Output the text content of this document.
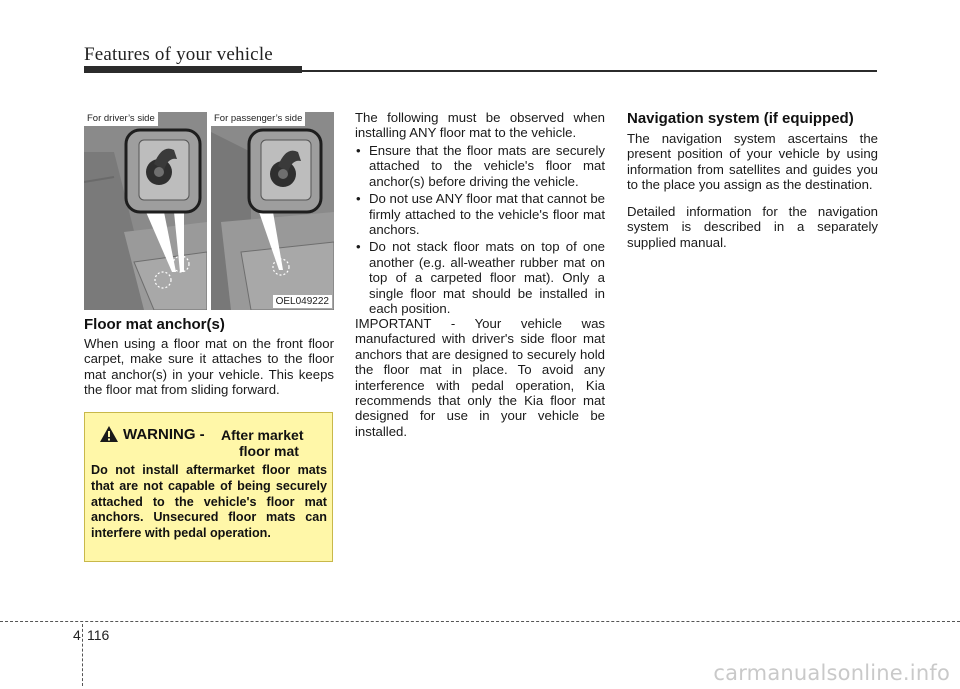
Features of your vehicle
For driver’s side	For passenger’s side
OEL049222
Floor mat anchor(s)

When using a floor mat on the front floor carpet, make sure it attaches to the floor mat anchor(s) in your vehicle. This keeps the floor mat from sliding forward.

WARNING - After market
floor mat
Do not install aftermarket floor mats that are not capable of being securely attached to the vehicle's floor mat anchors. Unsecured floor mats can interfere with pedal operation.

The following must be observed when installing ANY floor mat to the vehicle.

• Ensure that the floor mats are securely attached to the vehicle's floor mat anchor(s) before driving the vehicle.
• Do not use ANY floor mat that cannot be firmly attached to the vehicle's floor mat anchors.
• Do not stack floor mats on top of one another (e.g. all-weather rubber mat on top of a carpeted floor mat). Only a single floor mat should be installed in each position.

IMPORTANT - Your vehicle was manufactured with driver's side floor mat anchors that are designed to securely hold the floor mat in place. To avoid any interference with pedal operation, Kia recommends that only the Kia floor mat designed for use in your vehicle be installed.

Navigation system (if equipped)

The navigation system ascertains the present position of your vehicle by using information from satellites and guides you to the place you assign as the destination.

Detailed information for the navigation system is described in a separately supplied manual.

4 116
carmanualsonline.info
